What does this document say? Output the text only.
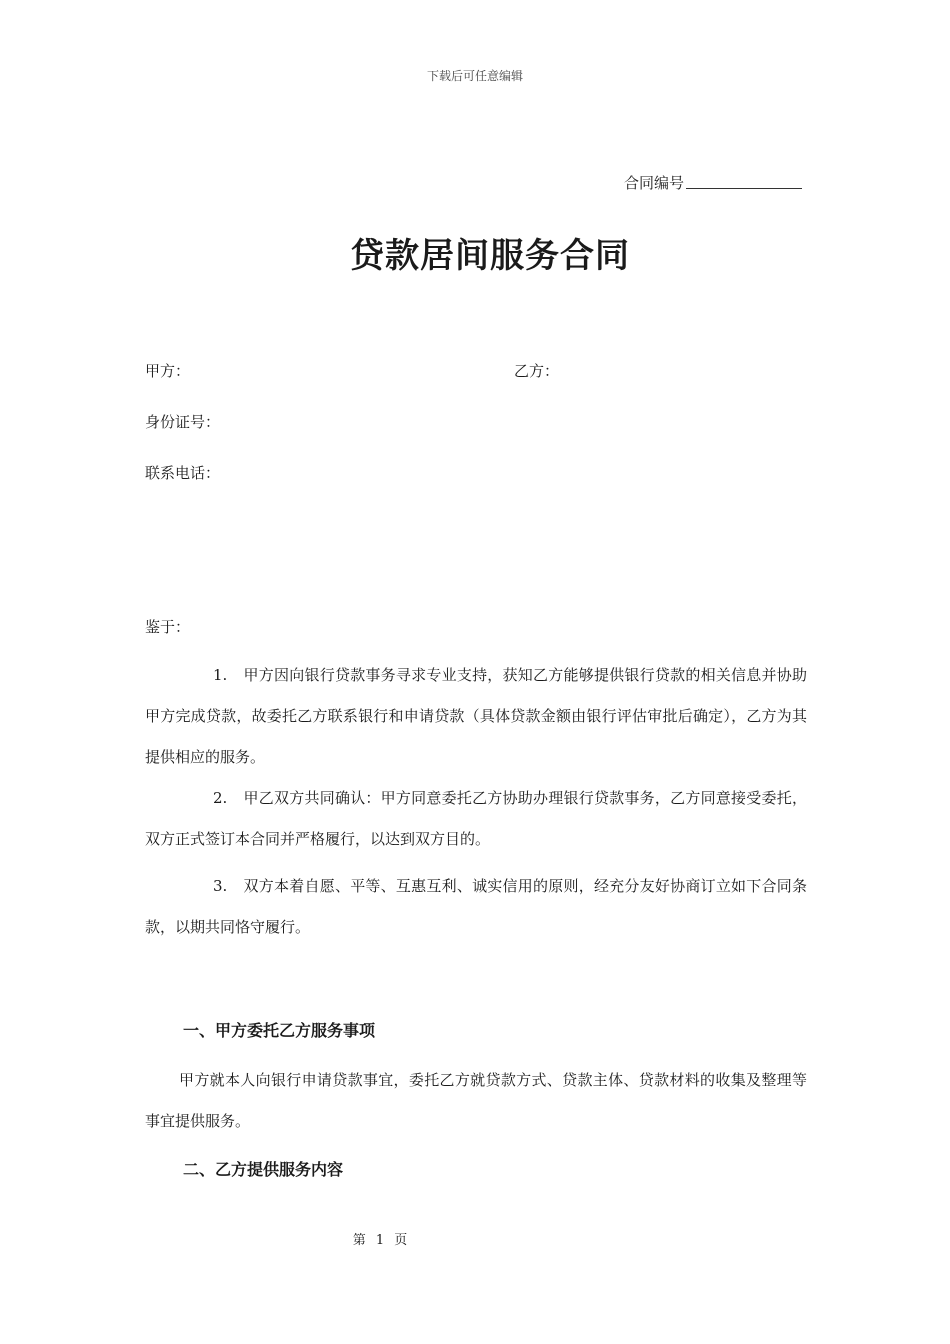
下载后可任意编辑
合同编号
贷款居间服务合同
甲方：	乙方：
身份证号：
联系电话：
鉴于：
1. 甲方因向银行贷款事务寻求专业支持，获知乙方能够提供银行贷款的相关信息并协助甲方完成贷款，故委托乙方联系银行和申请贷款（具体贷款金额由银行评估审批后确定），乙方为其提供相应的服务。
2. 甲乙双方共同确认：甲方同意委托乙方协助办理银行贷款事务，乙方同意接受委托，双方正式签订本合同并严格履行，以达到双方目的。
3. 双方本着自愿、平等、互惠互利、诚实信用的原则，经充分友好协商订立如下合同条款，以期共同恪守履行。
一、甲方委托乙方服务事项
甲方就本人向银行申请贷款事宜，委托乙方就贷款方式、贷款主体、贷款材料的收集及整理等事宜提供服务。
二、乙方提供服务内容
第 1 页
